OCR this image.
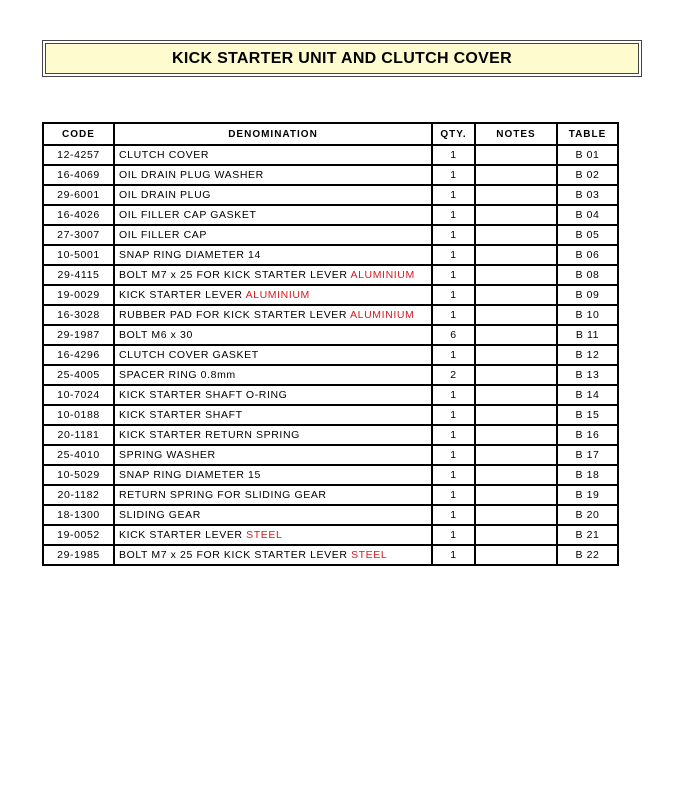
KICK STARTER UNIT AND CLUTCH COVER
CODE	DENOMINATION	QTY.	NOTES	TABLE
12-4257	CLUTCH COVER	1		B 01
16-4069	OIL DRAIN PLUG WASHER	1		B 02
29-6001	OIL DRAIN PLUG	1		B 03
16-4026	OIL FILLER CAP GASKET	1		B 04
27-3007	OIL FILLER CAP	1		B 05
10-5001	SNAP RING DIAMETER 14	1		B 06
29-4115	BOLT M7 x 25 FOR KICK STARTER LEVER ALUMINIUM	1		B 08
19-0029	KICK STARTER LEVER ALUMINIUM	1		B 09
16-3028	RUBBER PAD FOR KICK STARTER LEVER ALUMINIUM	1		B 10
29-1987	BOLT M6 x 30	6		B 11
16-4296	CLUTCH COVER GASKET	1		B 12
25-4005	SPACER RING 0.8mm	2		B 13
10-7024	KICK STARTER SHAFT O-RING	1		B 14
10-0188	KICK STARTER SHAFT	1		B 15
20-1181	KICK STARTER RETURN SPRING	1		B 16
25-4010	SPRING WASHER	1		B 17
10-5029	SNAP RING DIAMETER 15	1		B 18
20-1182	RETURN SPRING FOR SLIDING GEAR	1		B 19
18-1300	SLIDING GEAR	1		B 20
19-0052	KICK STARTER LEVER STEEL	1		B 21
29-1985	BOLT M7 x 25 FOR KICK STARTER LEVER STEEL	1		B 22
